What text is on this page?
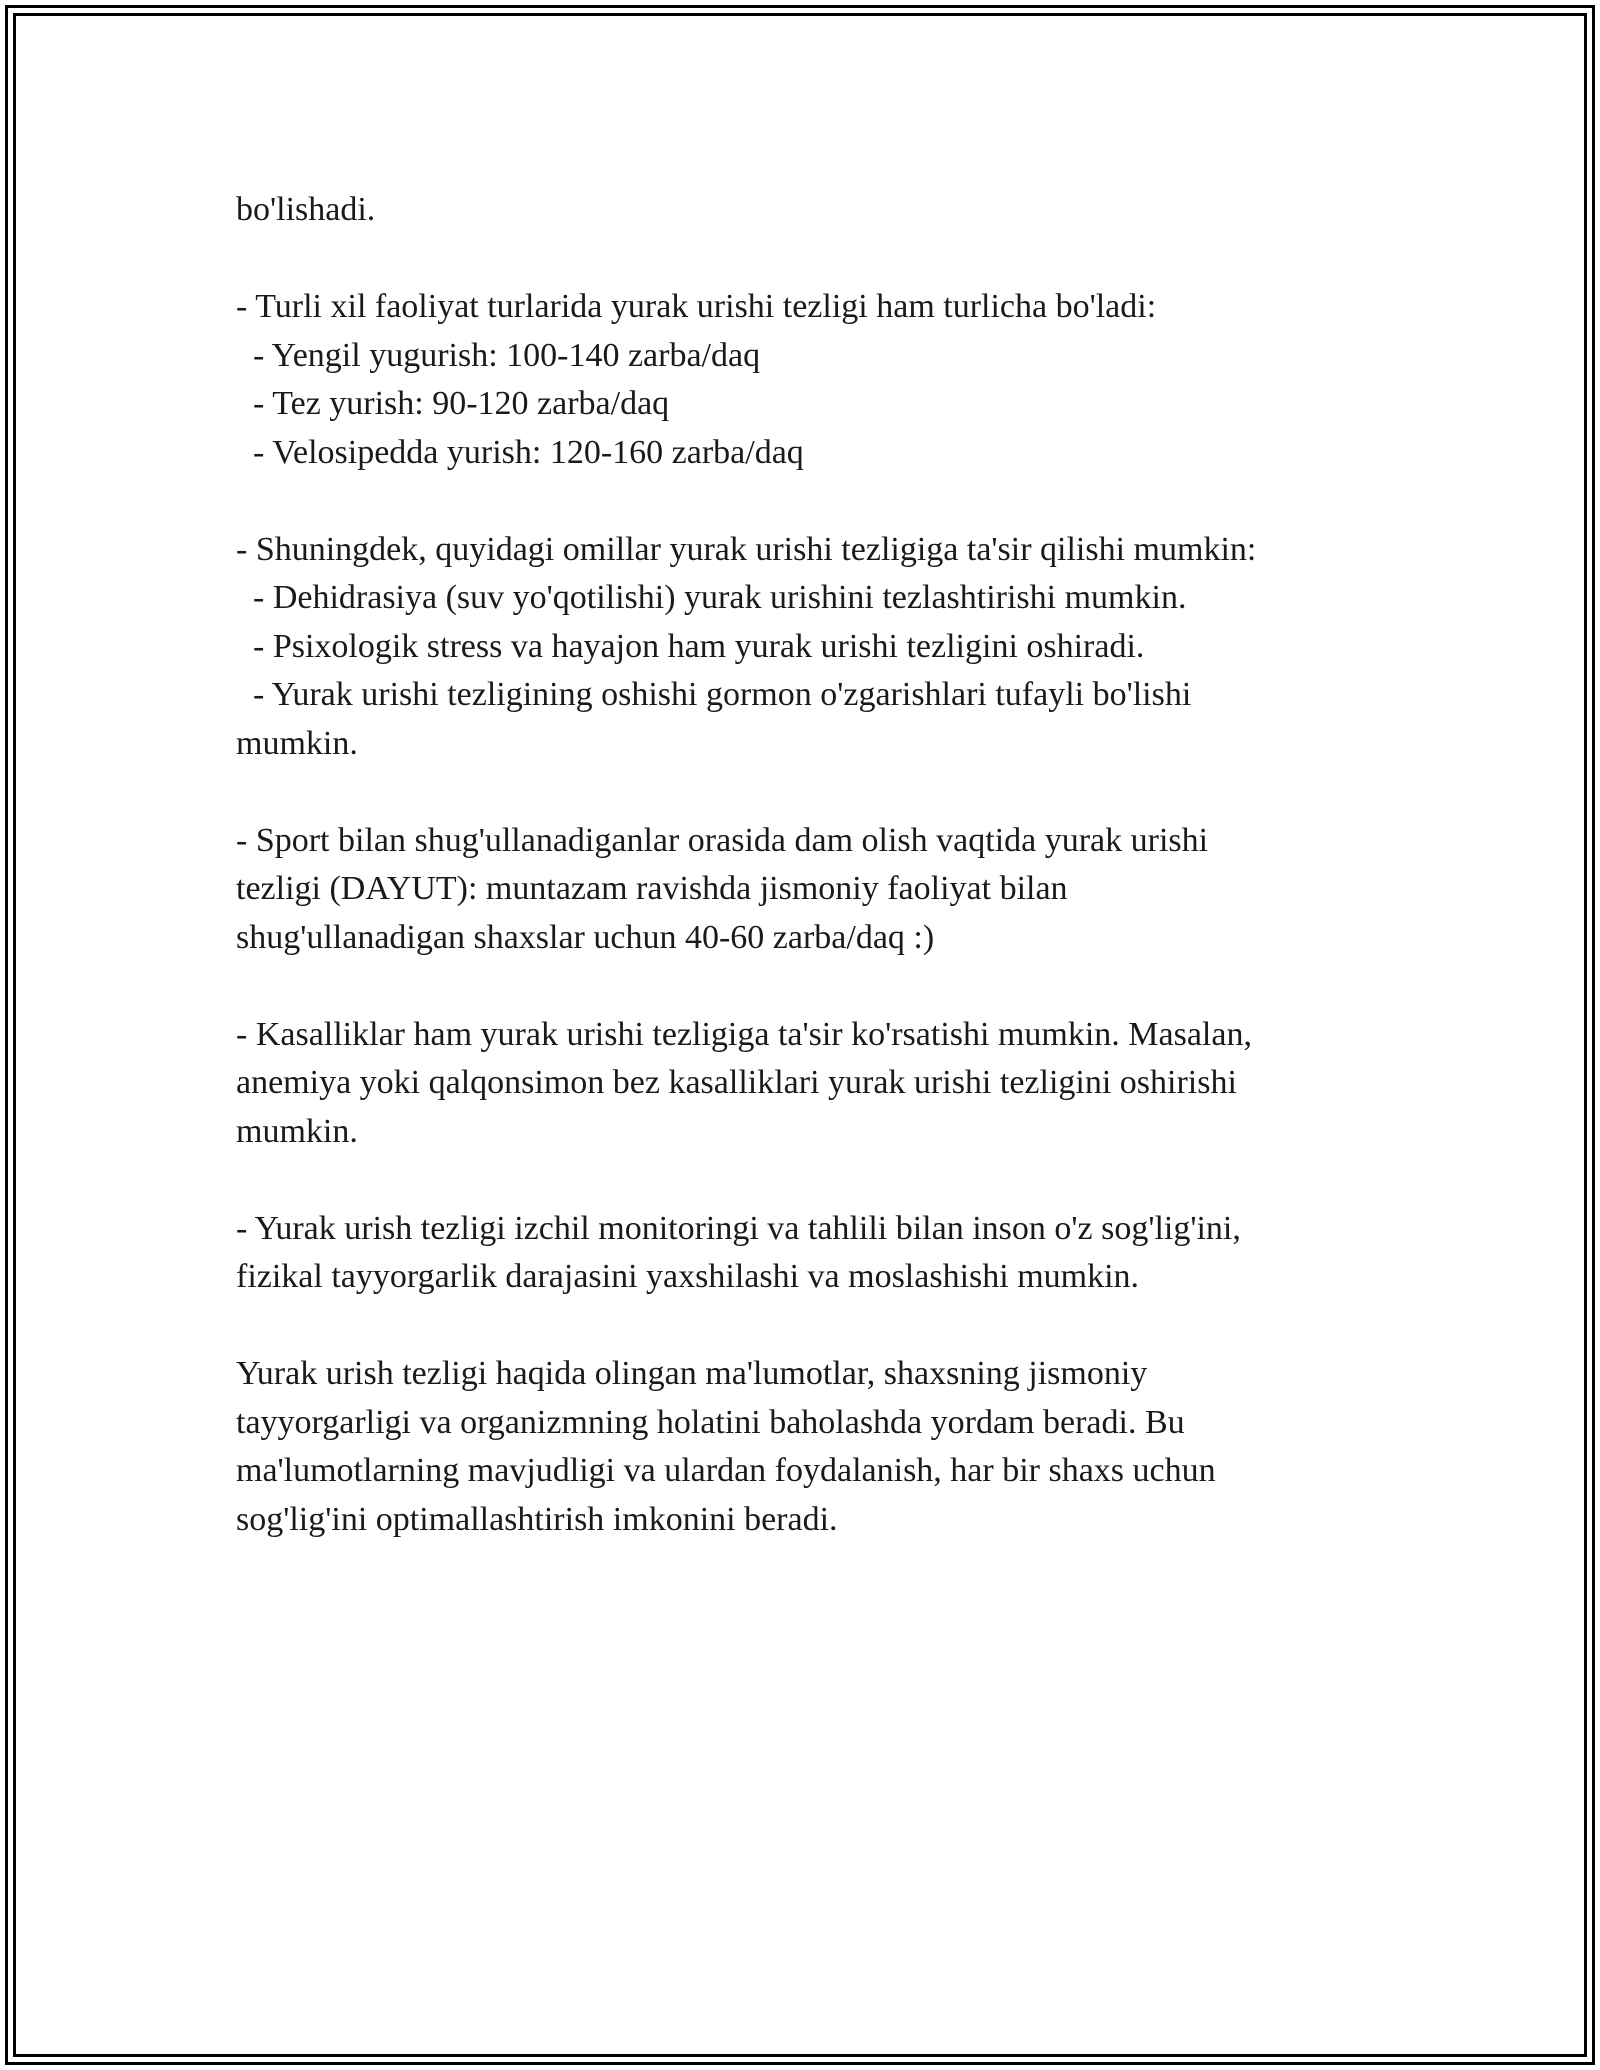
bo'lishadi.
- Turli xil faoliyat turlarida yurak urishi tezligi ham turlicha bo'ladi:
- Yengil yugurish: 100-140 zarba/daq
- Tez yurish: 90-120 zarba/daq
- Velosipedda yurish: 120-160 zarba/daq
- Shuningdek, quyidagi omillar yurak urishi tezligiga ta'sir qilishi mumkin:
- Dehidrasiya (suv yo'qotilishi) yurak urishini tezlashtirishi mumkin.
- Psixologik stress va hayajon ham yurak urishi tezligini oshiradi.
- Yurak urishi tezligining oshishi gormon o'zgarishlari tufayli bo'lishi
mumkin.
- Sport bilan shug'ullanadiganlar orasida dam olish vaqtida yurak urishi
tezligi (DAYUT): muntazam ravishda jismoniy faoliyat bilan
shug'ullanadigan shaxslar uchun 40-60 zarba/daq :)
- Kasalliklar ham yurak urishi tezligiga ta'sir ko'rsatishi mumkin. Masalan,
anemiya yoki qalqonsimon bez kasalliklari yurak urishi tezligini oshirishi
mumkin.
- Yurak urish tezligi izchil monitoringi va tahlili bilan inson o'z sog'lig'ini,
fizikal tayyorgarlik darajasini yaxshilashi va moslashishi mumkin.
Yurak urish tezligi haqida olingan ma'lumotlar, shaxsning jismoniy
tayyorgarligi va organizmning holatini baholashda yordam beradi. Bu
ma'lumotlarning mavjudligi va ulardan foydalanish, har bir shaxs uchun
sog'lig'ini optimallashtirish imkonini beradi.
